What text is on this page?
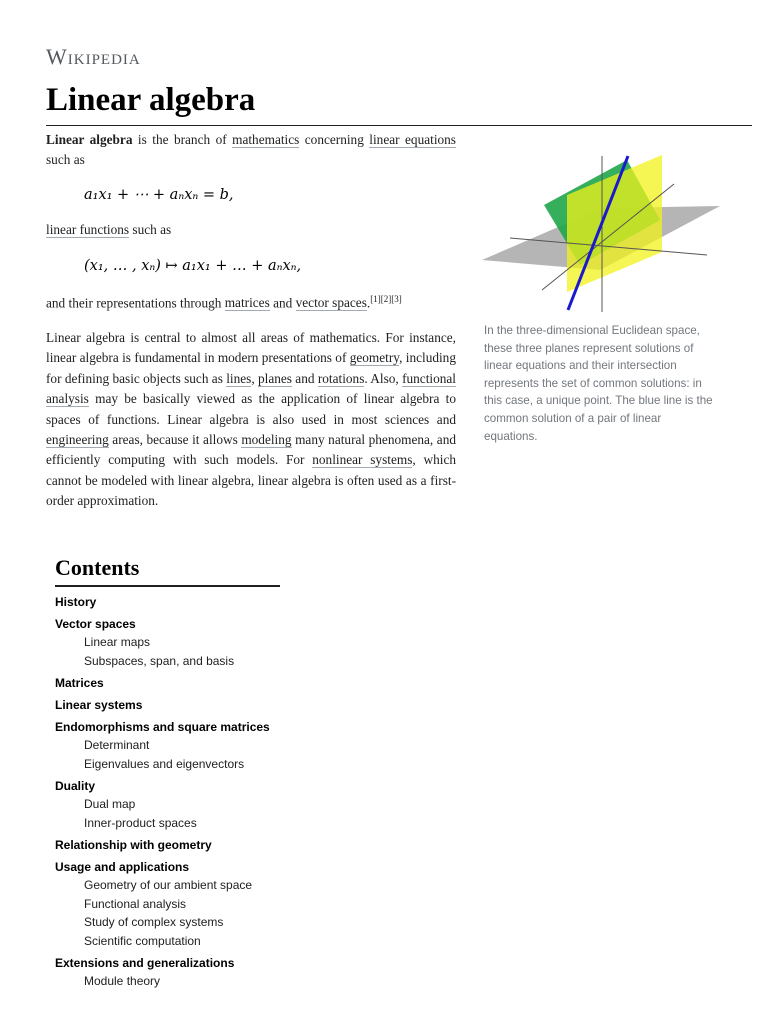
Wikipedia
Linear algebra

Linear algebra is the branch of mathematics concerning linear equations such as

a₁x₁ + ⋯ + aₙxₙ = b,

linear functions such as

(x₁, … , xₙ) ↦ a₁x₁ + … + aₙxₙ,

and their representations through matrices and vector spaces.[1][2][3]

Linear algebra is central to almost all areas of mathematics. For instance, linear algebra is fundamental in modern presentations of geometry, including for defining basic objects such as lines, planes and rotations. Also, functional analysis may be basically viewed as the application of linear algebra to spaces of functions. Linear algebra is also used in most sciences and engineering areas, because it allows modeling many natural phenomena, and efficiently computing with such models. For nonlinear systems, which cannot be modeled with linear algebra, linear algebra is often used as a first-order approximation.

In the three-dimensional Euclidean space, these three planes represent solutions of linear equations and their intersection represents the set of common solutions: in this case, a unique point. The blue line is the common solution of a pair of linear equations.

Contents
History
Vector spaces
Linear maps
Subspaces, span, and basis
Matrices
Linear systems
Endomorphisms and square matrices
Determinant
Eigenvalues and eigenvectors
Duality
Dual map
Inner-product spaces
Relationship with geometry
Usage and applications
Geometry of our ambient space
Functional analysis
Study of complex systems
Scientific computation
Extensions and generalizations
Module theory
